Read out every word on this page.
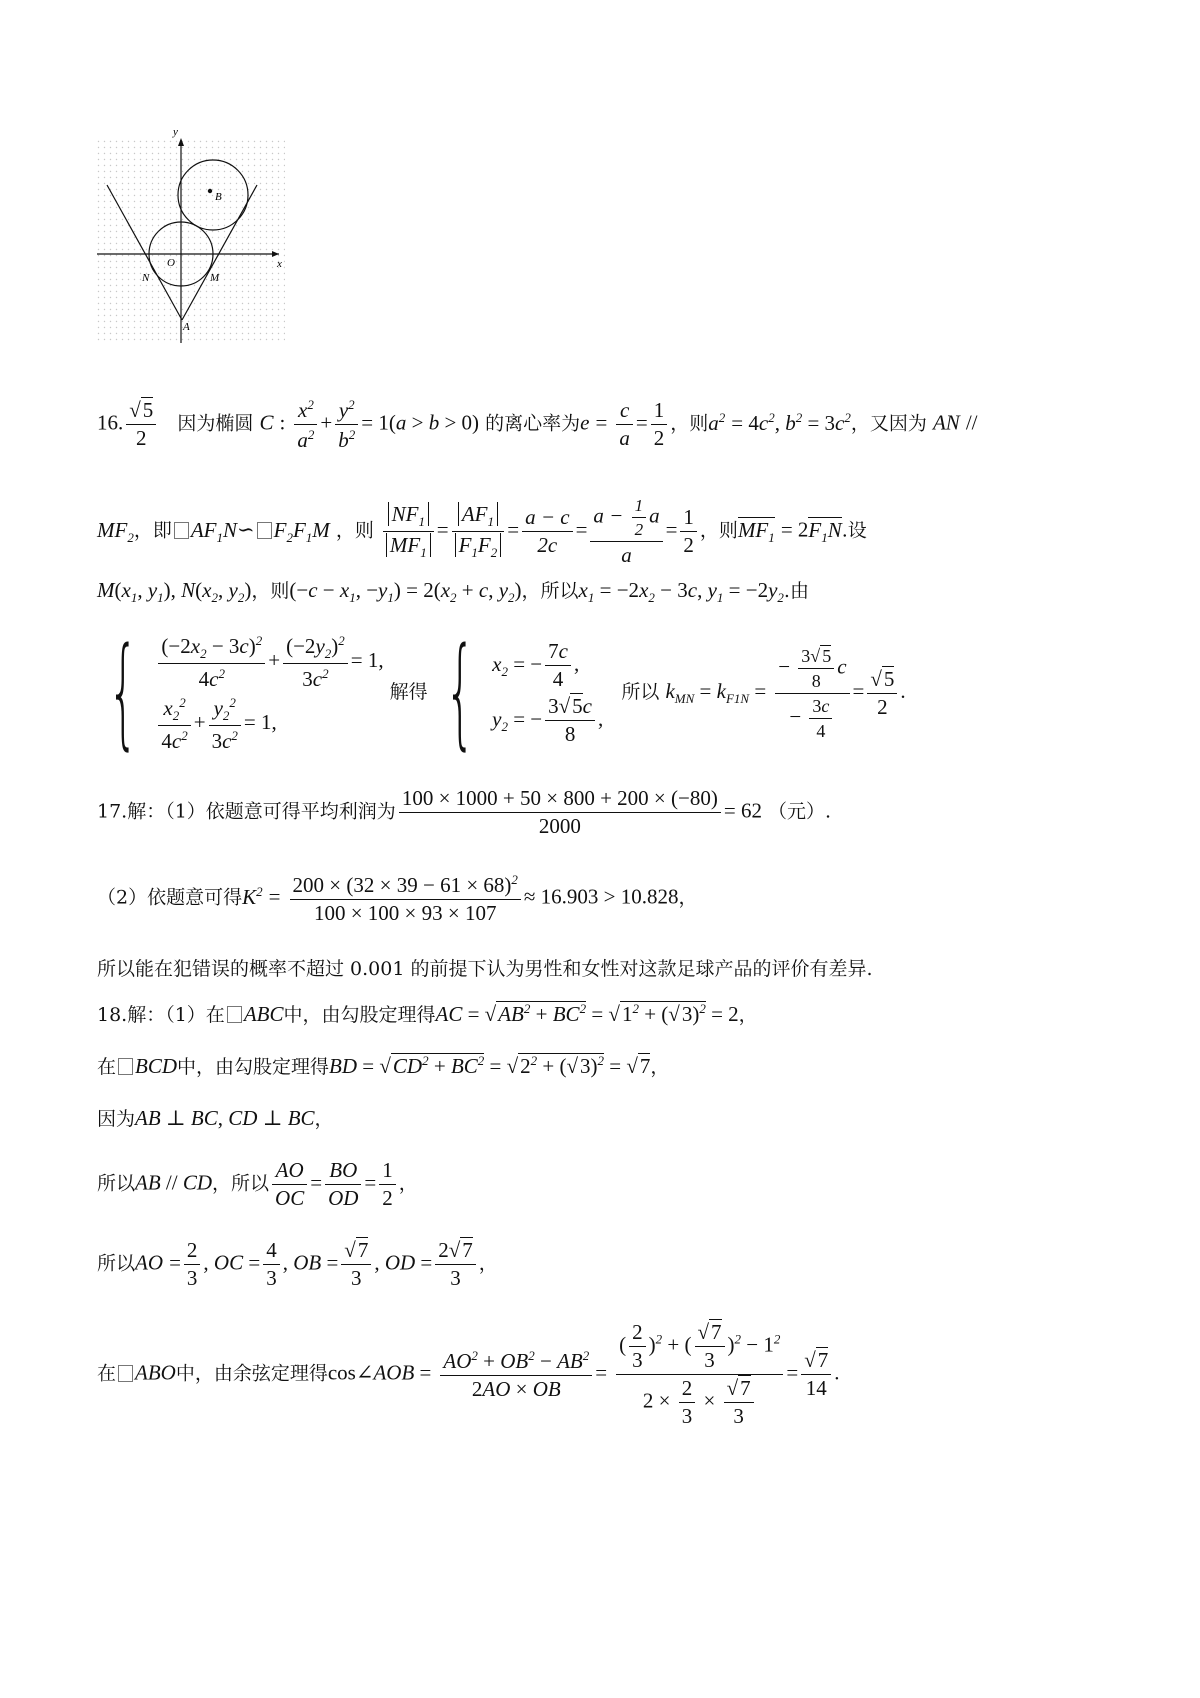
y
x
B
O
N	M
A
16. $\frac{√5}{2}$ 因为椭圆 C : $\frac{x^2}{a^2} + \frac{y^2}{b^2} = 1(a > b > 0)$ 的离心率为$e = \frac{c}{a} = \frac{1}{2}$ ，则$a^2 = 4c^2$, $b^2 = 3c^2$，又因为 AN //
$MF_2$，即 $AF_1N∽$ $F_2F_1M$ ，则 $\frac{NF_1}{MF_1} = \frac{AF_1}{F_1F_2} = \frac{a - c}{2c} = \frac{a - \frac{1}{2} a}{a} = \frac{1}{2}$ ，则$MF_1 = 2F_1N$.设
$M(x_1$, $y_1$), $N(x_2$, $y_2$)，则($-c - x_1$, $-y_1) = 2(x_2 + c$, $y_2$)，所以$x_1 = -2x_2 - 3c$, $y_1 = -2y_2$.由
{ $\frac{(-2x_2 - 3c)^2}{4c^2} + \frac{(-2y_2)^2}{3c^2} = 1$,
$\frac{x_2^2}{4c^2} + \frac{y_2^2}{3c^2} = 1$,
解得 { $x_2$ = − $\frac{7c}{4}$ ,
$y_2$ = − $\frac{3√5c}{8}$ ,
所以 $k_{MN} = k_{F1N} = \frac{- \frac{3√ 5}{8} c}{- \frac{3c}{4}} = \frac{√5}{2}$ .
17.解：（1）依题意可得平均利润为 $\frac{100 \times 1000 + 50 \times 800 + 200 \times (-80)}{2000} = 62$ （元）.
（2）依题意可得$K^2 = \frac{200 \times (32 \times 39 - 61 \times 68)^2}{100 \times 100 \times 93 \times 107} \approx 16.903 > 10.828$，
所以能在犯错误的概率不超过 0.001 的前提下认为男性和女性对这款足球产品的评价有差异.
18.解：（1）在 ABC中，由勾股定理得AC = $√AB^2 + BC^2 = √1^2 + (√3)^2 = 2$，
在 BCD中，由勾股定理得BD = $√CD^2 + BC^2 = √2^2 + (√3)^2 = √7$，
因为AB ⊥ BC, CD ⊥ BC，
所以AB // CD，所以 $\frac{AO}{OC} = \frac{BO}{OD} = \frac{1}{2}$ ，
所以AO = $\frac{2}{3}$ , OC = $\frac{4}{3}$ , OB = $\frac{√7}{3}$ , OD = $\frac{2√7}{3}$ ，
在 ABO中，由余弦定理得cos∠AOB = $\frac{AO^2 + OB^2 - AB^2}{2AO \times OB} = \frac{( \frac{2}{3} )^2 + ( \frac{√7}{3} )^2 - 1^2}{2 \times \frac{2}{3} \times \frac{√7}{3}} = \frac{√7}{14}$ .
